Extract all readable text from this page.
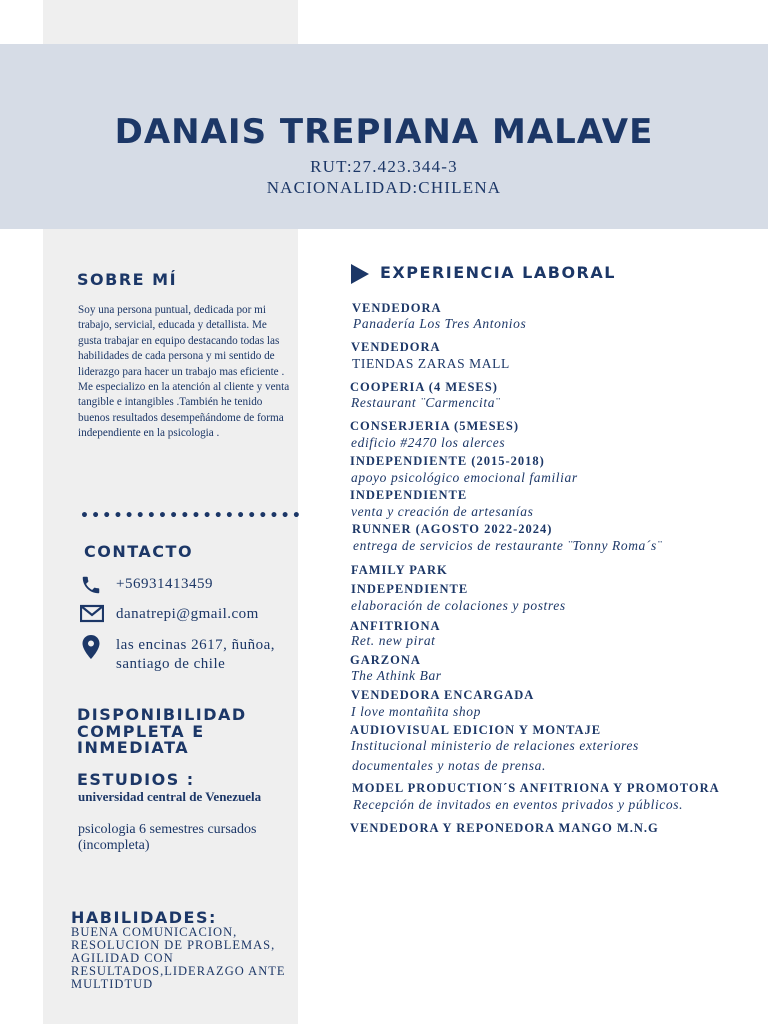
DANAIS TREPIANA MALAVE
RUT:27.423.344-3
NACIONALIDAD:CHILENA
SOBRE MÍ
Soy una persona puntual, dedicada por mi trabajo, servicial, educada y detallista. Me gusta trabajar en equipo destacando todas las habilidades de cada persona y mi sentido de liderazgo para hacer un trabajo mas eficiente . Me especializo en la atención al cliente y venta tangible e intangibles .También he tenido buenos resultados desempeñándome de forma independiente en la psicologia .
••••••••••••••••••••
CONTACTO
+56931413459
danatrepi@gmail.com
las encinas 2617, ñuñoa, santiago de chile
DISPONIBILIDAD COMPLETA E INMEDIATA
ESTUDIOS :
universidad central de Venezuela
psicologia 6 semestres cursados (incompleta)
HABILIDADES:
BUENA COMUNICACION, RESOLUCION DE PROBLEMAS, AGILIDAD CON RESULTADOS,LIDERAZGO ANTE MULTIDTUD
EXPERIENCIA LABORAL
VENDEDORA
Panadería Los Tres Antonios
VENDEDORA
TIENDAS ZARAS MALL
COOPERIA (4 MESES)
Restaurant ¨Carmencita¨
CONSERJERIA (5MESES)
edificio #2470 los alerces
INDEPENDIENTE (2015-2018)
apoyo psicológico emocional familiar
INDEPENDIENTE
venta y creación de artesanías
RUNNER (AGOSTO 2022-2024)
entrega de servicios de restaurante ¨Tonny Roma´s¨
FAMILY PARK
INDEPENDIENTE
elaboración de colaciones y postres
ANFITRIONA
Ret. new pirat
GARZONA
The Athink Bar
VENDEDORA ENCARGADA
I love montañita shop
AUDIOVISUAL EDICION Y MONTAJE
Institucional ministerio de relaciones exteriores
documentales y notas de prensa.
MODEL PRODUCTION´S ANFITRIONA Y PROMOTORA
Recepción de invitados en eventos privados y públicos.
VENDEDORA Y REPONEDORA MANGO M.N.G
